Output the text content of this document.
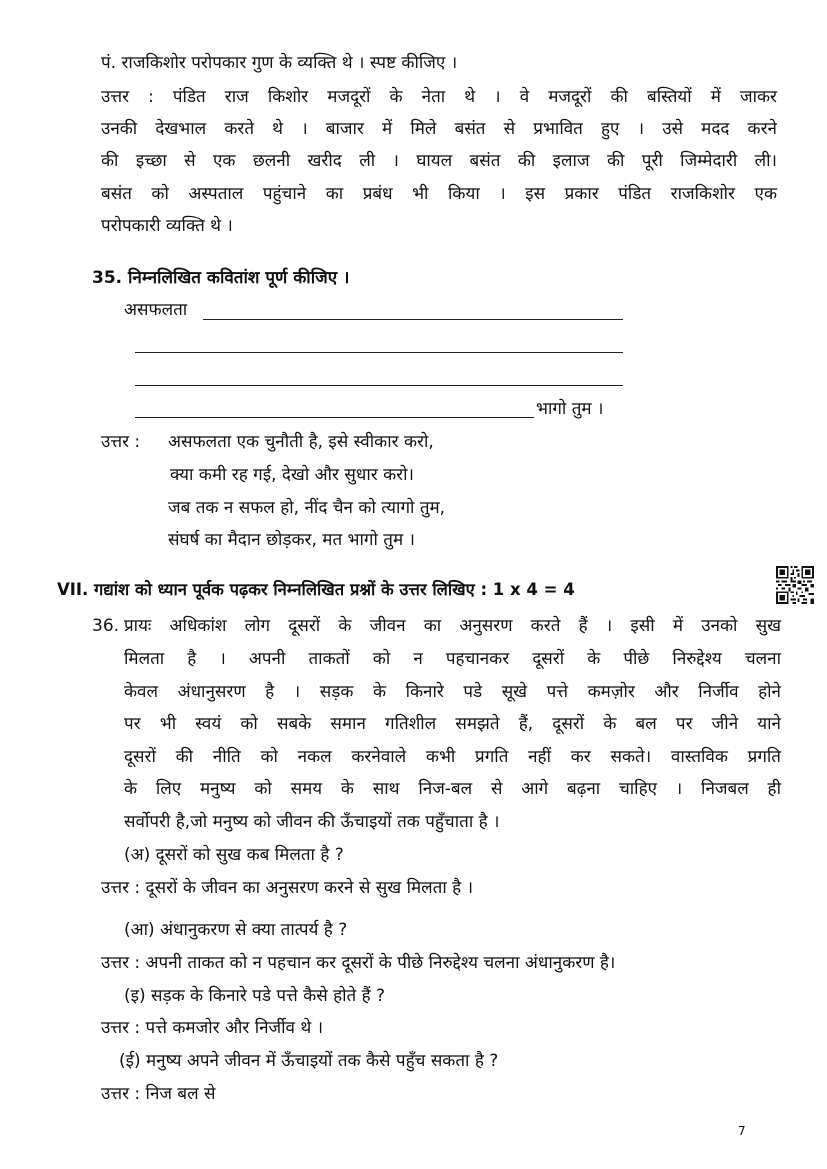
पं. राजकिशोर परोपकार गुण के व्यक्ति थे । स्पष्ट कीजिए ।
उत्तर : पंडित राज किशोर मजदूरों के नेता थे । वे मजदूरों की बस्तियों में जाकर
उनकी देखभाल करते थे । बाजार में मिले बसंत से प्रभावित हुए । उसे मदद करने
की इच्छा से एक छलनी खरीद ली । घायल बसंत की इलाज की पूरी जिम्मेदारी ली।
बसंत को अस्पताल पहुंचाने का प्रबंध भी किया । इस प्रकार पंडित राजकिशोर एक
परोपकारी व्यक्ति थे ।
35. निम्नलिखित कवितांश पूर्ण कीजिए ।
असफलता
भागो तुम ।
उत्तर : असफलता एक चुनौती है, इसे स्वीकार करो,
क्या कमी रह गई, देखो और सुधार करो।
जब तक न सफल हो, नींद चैन को त्यागो तुम,
संघर्ष का मैदान छोड़कर, मत भागो तुम ।
VII. गद्यांश को ध्यान पूर्वक पढ़कर निम्नलिखित प्रश्नों के उत्तर लिखिए : 1 x 4 = 4
36. प्रायः अधिकांश लोग दूसरों के जीवन का अनुसरण करते हैं । इसी में उनको सुख
मिलता है । अपनी ताकतों को न पहचानकर दूसरों के पीछे निरुद्देश्य चलना
केवल अंधानुसरण है । सड़क के किनारे पडे सूखे पत्ते कमज़ोर और निर्जीव होने
पर भी स्वयं को सबके समान गतिशील समझते हैं, दूसरों के बल पर जीने याने
दूसरों की नीति को नकल करनेवाले कभी प्रगति नहीं कर सकते। वास्तविक प्रगति
के लिए मनुष्य को समय के साथ निज-बल से आगे बढ़ना चाहिए । निजबल ही
सर्वोपरी है,जो मनुष्य को जीवन की ऊँचाइयों तक पहुँचाता है ।
(अ) दूसरों को सुख कब मिलता है ?
उत्तर : दूसरों के जीवन का अनुसरण करने से सुख मिलता है ।
(आ) अंधानुकरण से क्या तात्पर्य है ?
उत्तर : अपनी ताकत को न पहचान कर दूसरों के पीछे निरुद्देश्य चलना अंधानुकरण है।
(इ) सड़क के किनारे पडे पत्ते कैसे होते हैं ?
उत्तर : पत्ते कमजोर और निर्जीव थे ।
(ई) मनुष्य अपने जीवन में ऊँचाइयों तक कैसे पहुँच सकता है ?
उत्तर : निज बल से
7
